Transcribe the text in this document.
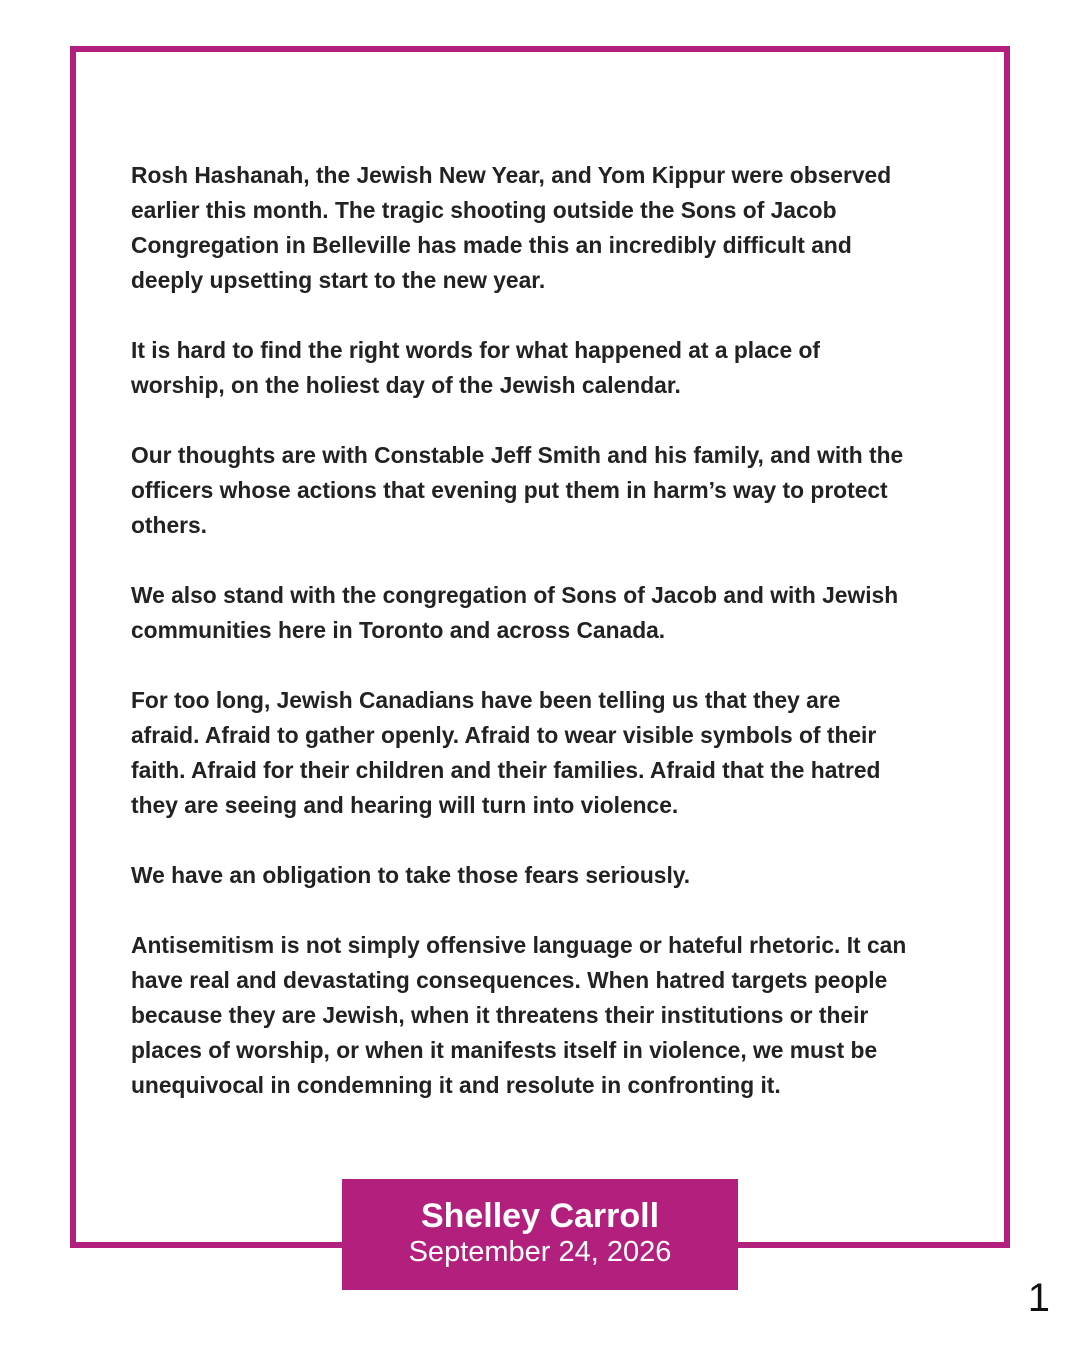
Rosh Hashanah, the Jewish New Year, and Yom Kippur were observed
earlier this month. The tragic shooting outside the Sons of Jacob
Congregation in Belleville has made this an incredibly difficult and
deeply upsetting start to the new year.

It is hard to find the right words for what happened at a place of
worship, on the holiest day of the Jewish calendar.

Our thoughts are with Constable Jeff Smith and his family, and with the
officers whose actions that evening put them in harm’s way to protect
others.

We also stand with the congregation of Sons of Jacob and with Jewish
communities here in Toronto and across Canada.

For too long, Jewish Canadians have been telling us that they are
afraid. Afraid to gather openly. Afraid to wear visible symbols of their
faith. Afraid for their children and their families. Afraid that the hatred
they are seeing and hearing will turn into violence.

We have an obligation to take those fears seriously.

Antisemitism is not simply offensive language or hateful rhetoric. It can
have real and devastating consequences. When hatred targets people
because they are Jewish, when it threatens their institutions or their
places of worship, or when it manifests itself in violence, we must be
unequivocal in condemning it and resolute in confronting it.

Shelley Carroll
September 24, 2026
1
